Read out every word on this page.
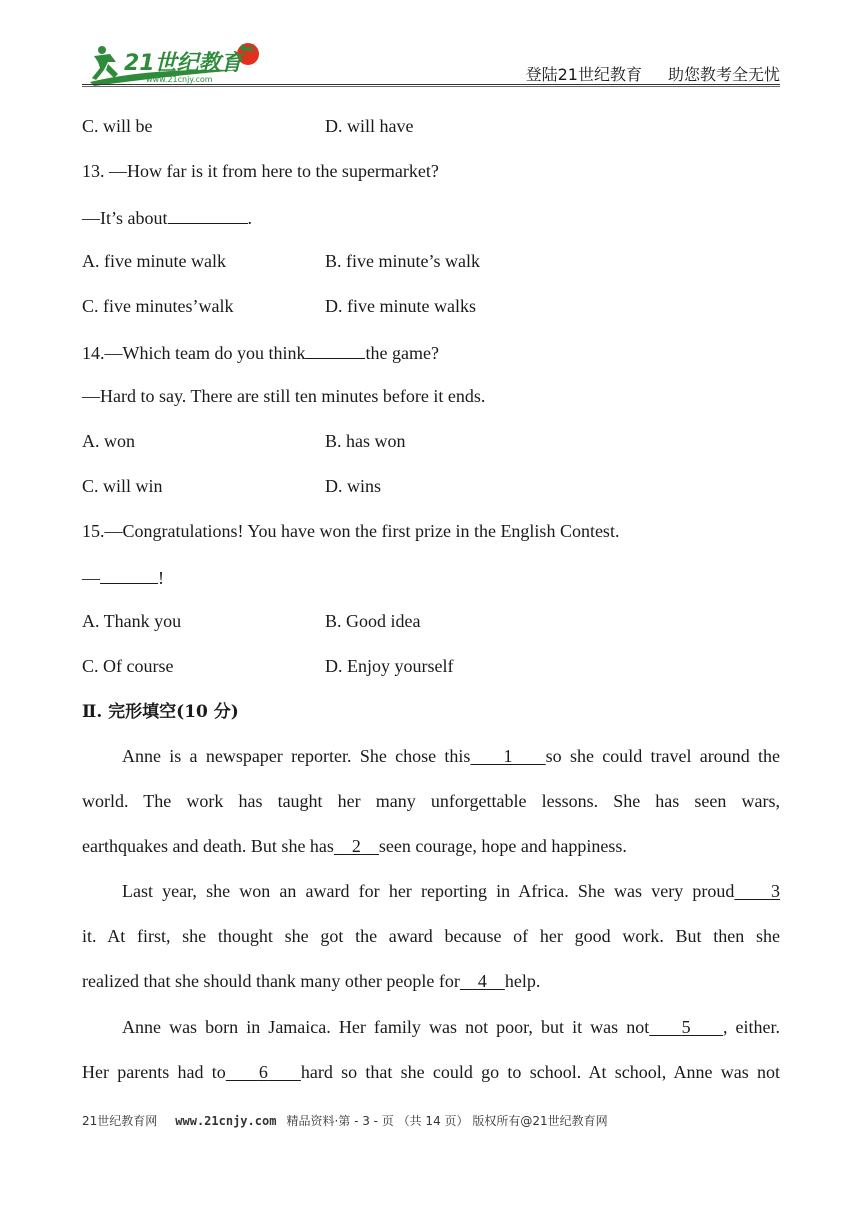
21世纪教育
www.21cnjy.com	登陆21世纪教育 助您教考全无忧
C. will be	D. will have
13. —How far is it from here to the supermarket?
—It’s about	.
A. five minute walk	B. five minute’s walk
C. five minutes’walk	D. five minute walks
14.—Which team do you think	the game?
—Hard to say. There are still ten minutes before it ends.
A. won	B. has won
C. will win	D. wins
15.—Congratulations! You have won the first prize in the English Contest.
—	!
A. Thank you	B. Good idea
C. Of course	D. Enjoy yourself
Ⅱ. 完形填空(10 分)
Anne is a newspaper reporter. She chose this 1 so she could travel around the
world. The work has taught her many unforgettable lessons. She has seen wars,
earthquakes and death. But she has 2 seen courage, hope and happiness.
Last year, she won an award for her reporting in Africa. She was very proud 3
it. At first, she thought she got the award because of her good work. But then she
realized that she should thank many other people for 4 help.
Anne was born in Jamaica. Her family was not poor, but it was not 5 , either.
Her parents had to 6 hard so that she could go to school. At school, Anne was not
21世纪教育网 www.21cnjy.com 精品资料·第 - 3 - 页 （共 14 页） 版权所有@21世纪教育网
